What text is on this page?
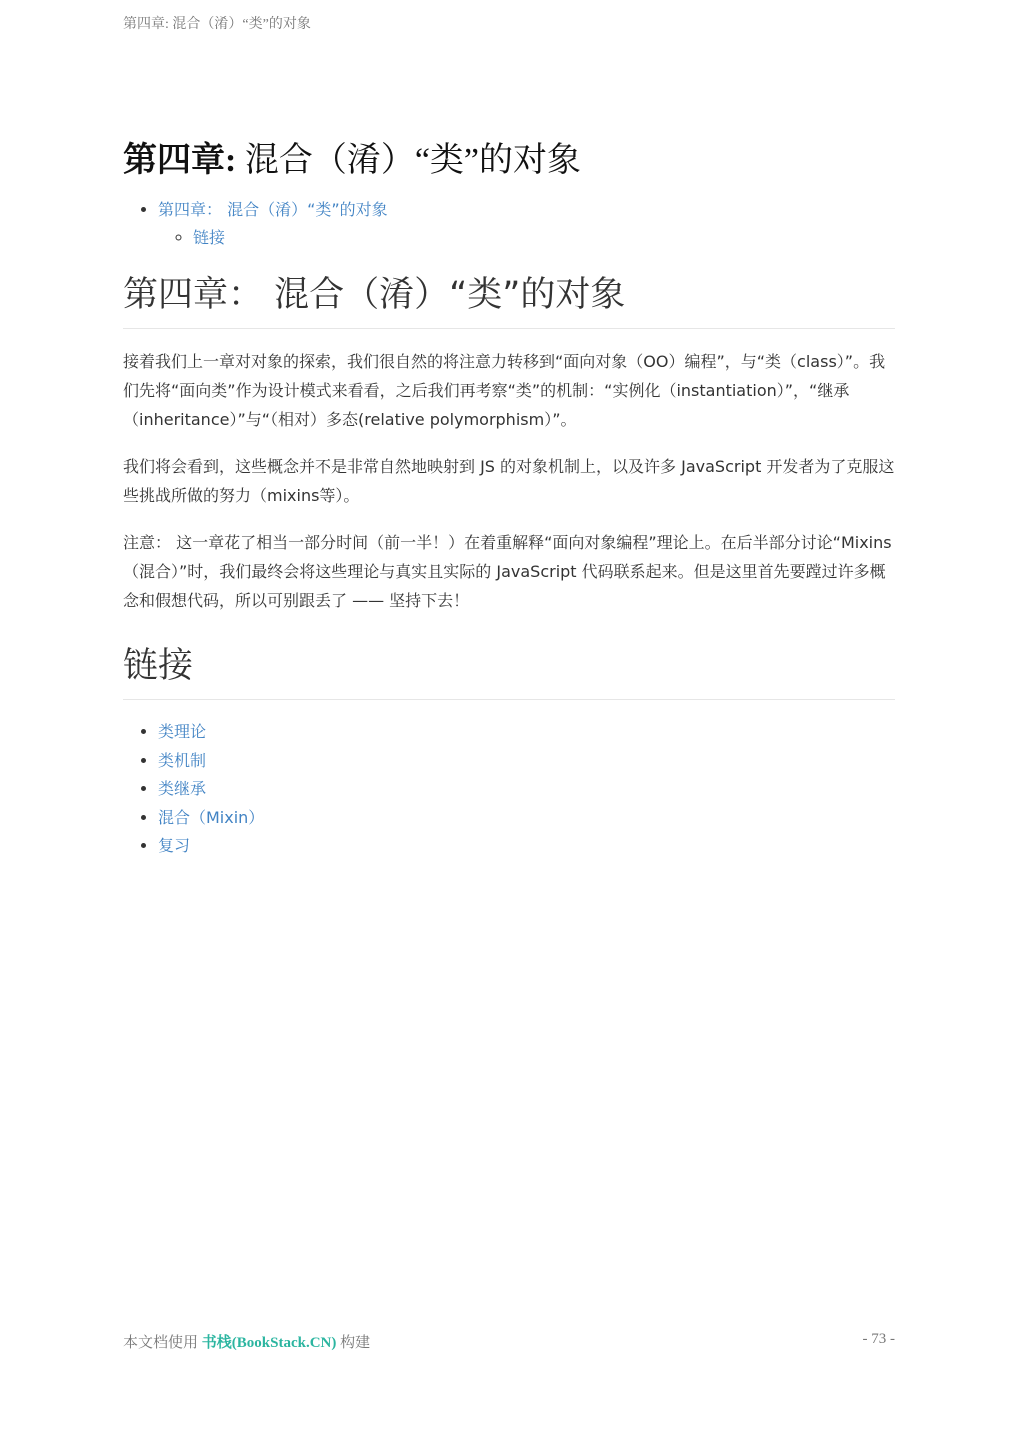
第四章: 混合（淆）“类”的对象
第四章: 混合（淆）“类”的对象
• 第四章： 混合（淆）“类”的对象
◦ 链接
第四章： 混合（淆）“类”的对象

接着我们上一章对对象的探索，我们很自然的将注意力转移到“面向对象（OO）编程”，与“类（class）”。我们先将“面向类”作为设计模式来看看，之后我们再考察“类”的机制：“实例化（instantiation）”，“继承（inheritance）”与“（相对）多态(relative polymorphism）”。

我们将会看到，这些概念并不是非常自然地映射到 JS 的对象机制上，以及许多 JavaScript 开发者为了克服这些挑战所做的努力（mixins等）。

注意： 这一章花了相当一部分时间（前一半！）在着重解释“面向对象编程”理论上。在后半部分讨论“Mixins（混合）”时，我们最终会将这些理论与真实且实际的 JavaScript 代码联系起来。但是这里首先要蹚过许多概念和假想代码，所以可别跟丢了 —— 坚持下去！

链接
• 类理论
• 类机制
• 类继承
• 混合（Mixin）
• 复习
本文档使用 书栈(BookStack.CN) 构建	- 73 -
